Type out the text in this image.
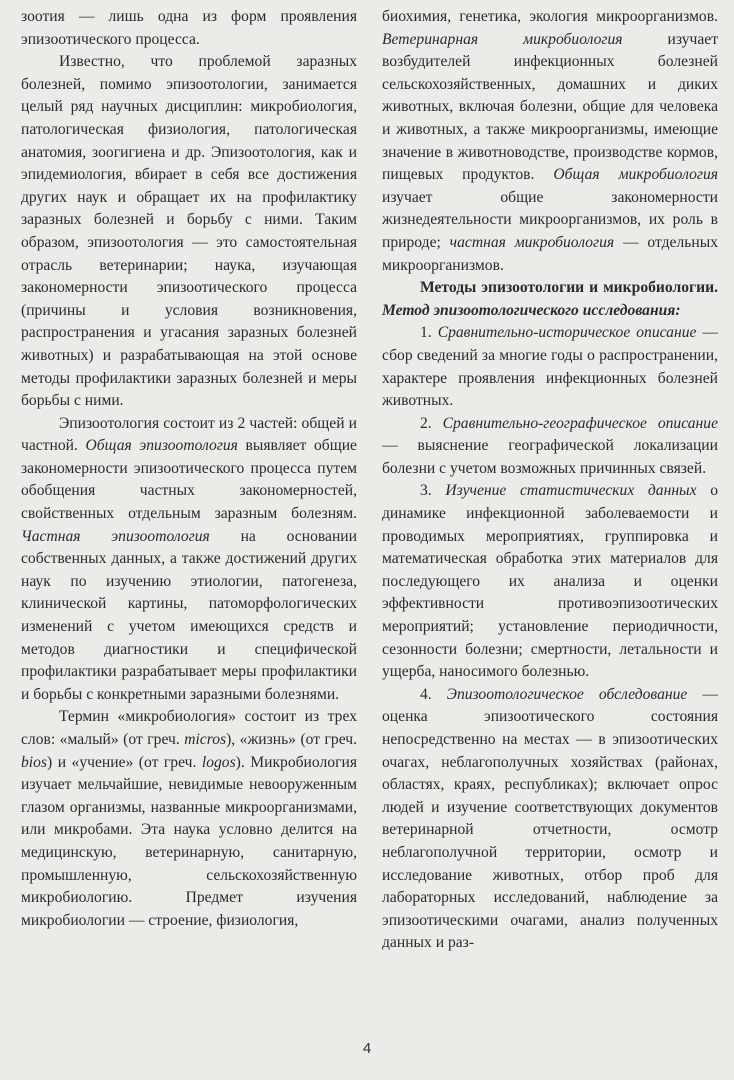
зоотия — лишь одна из форм проявления эпизоотического процесса.

Известно, что проблемой заразных болезней, помимо эпизоотологии, занимается целый ряд научных дисциплин: микробиология, патологическая физиология, патологическая анатомия, зоогигиена и др. Эпизоотология, как и эпидемиология, вбирает в себя все достижения других наук и обращает их на профилактику заразных болезней и борьбу с ними. Таким образом, эпизоотология — это самостоятельная отрасль ветеринарии; наука, изучающая закономерности эпизоотического процесса (причины и условия возникновения, распространения и угасания заразных болезней животных) и разрабатывающая на этой основе методы профилактики заразных болезней и меры борьбы с ними.

Эпизоотология состоит из 2 частей: общей и частной. Общая эпизоотология выявляет общие закономерности эпизоотического процесса путем обобщения частных закономерностей, свойственных отдельным заразным болезням. Частная эпизоотология на основании собственных данных, а также достижений других наук по изучению этиологии, патогенеза, клинической картины, патоморфологических изменений с учетом имеющихся средств и методов диагностики и специфической профилактики разрабатывает меры профилактики и борьбы с конкретными заразными болезнями.

Термин «микробиология» состоит из трех слов: «малый» (от греч. micros), «жизнь» (от греч. bios) и «учение» (от греч. logos). Микробиология изучает мельчайшие, невидимые невооруженным глазом организмы, названные микроорганизмами, или микробами. Эта наука условно делится на медицинскую, ветеринарную, санитарную, промышленную, сельскохозяйственную микробиологию. Предмет изучения микробиологии — строение, физиология,

биохимия, генетика, экология микроорганизмов. Ветеринарная микробиология изучает возбудителей инфекционных болезней сельскохозяйственных, домашних и диких животных, включая болезни, общие для человека и животных, а также микроорганизмы, имеющие значение в животноводстве, производстве кормов, пищевых продуктов. Общая микробиология изучает общие закономерности жизнедеятельности микроорганизмов, их роль в природе; частная микробиология — отдельных микроорганизмов.

Методы эпизоотологии и микробиологии. Метод эпизоотологического исследования:

1. Сравнительно-историческое описание — сбор сведений за многие годы о распространении, характере проявления инфекционных болезней животных.

2. Сравнительно-географическое описание — выяснение географической локализации болезни с учетом возможных причинных связей.

3. Изучение статистических данных о динамике инфекционной заболеваемости и проводимых мероприятиях, группировка и математическая обработка этих материалов для последующего их анализа и оценки эффективности противоэпизоотических мероприятий; установление периодичности, сезонности болезни; смертности, летальности и ущерба, наносимого болезнью.

4. Эпизоотологическое обследование — оценка эпизоотического состояния непосредственно на местах — в эпизоотических очагах, неблагополучных хозяйствах (районах, областях, краях, республиках); включает опрос людей и изучение соответствующих документов ветеринарной отчетности, осмотр неблагополучной территории, осмотр и исследование животных, отбор проб для лабораторных исследований, наблюдение за эпизоотическими очагами, анализ полученных данных и раз-

4
